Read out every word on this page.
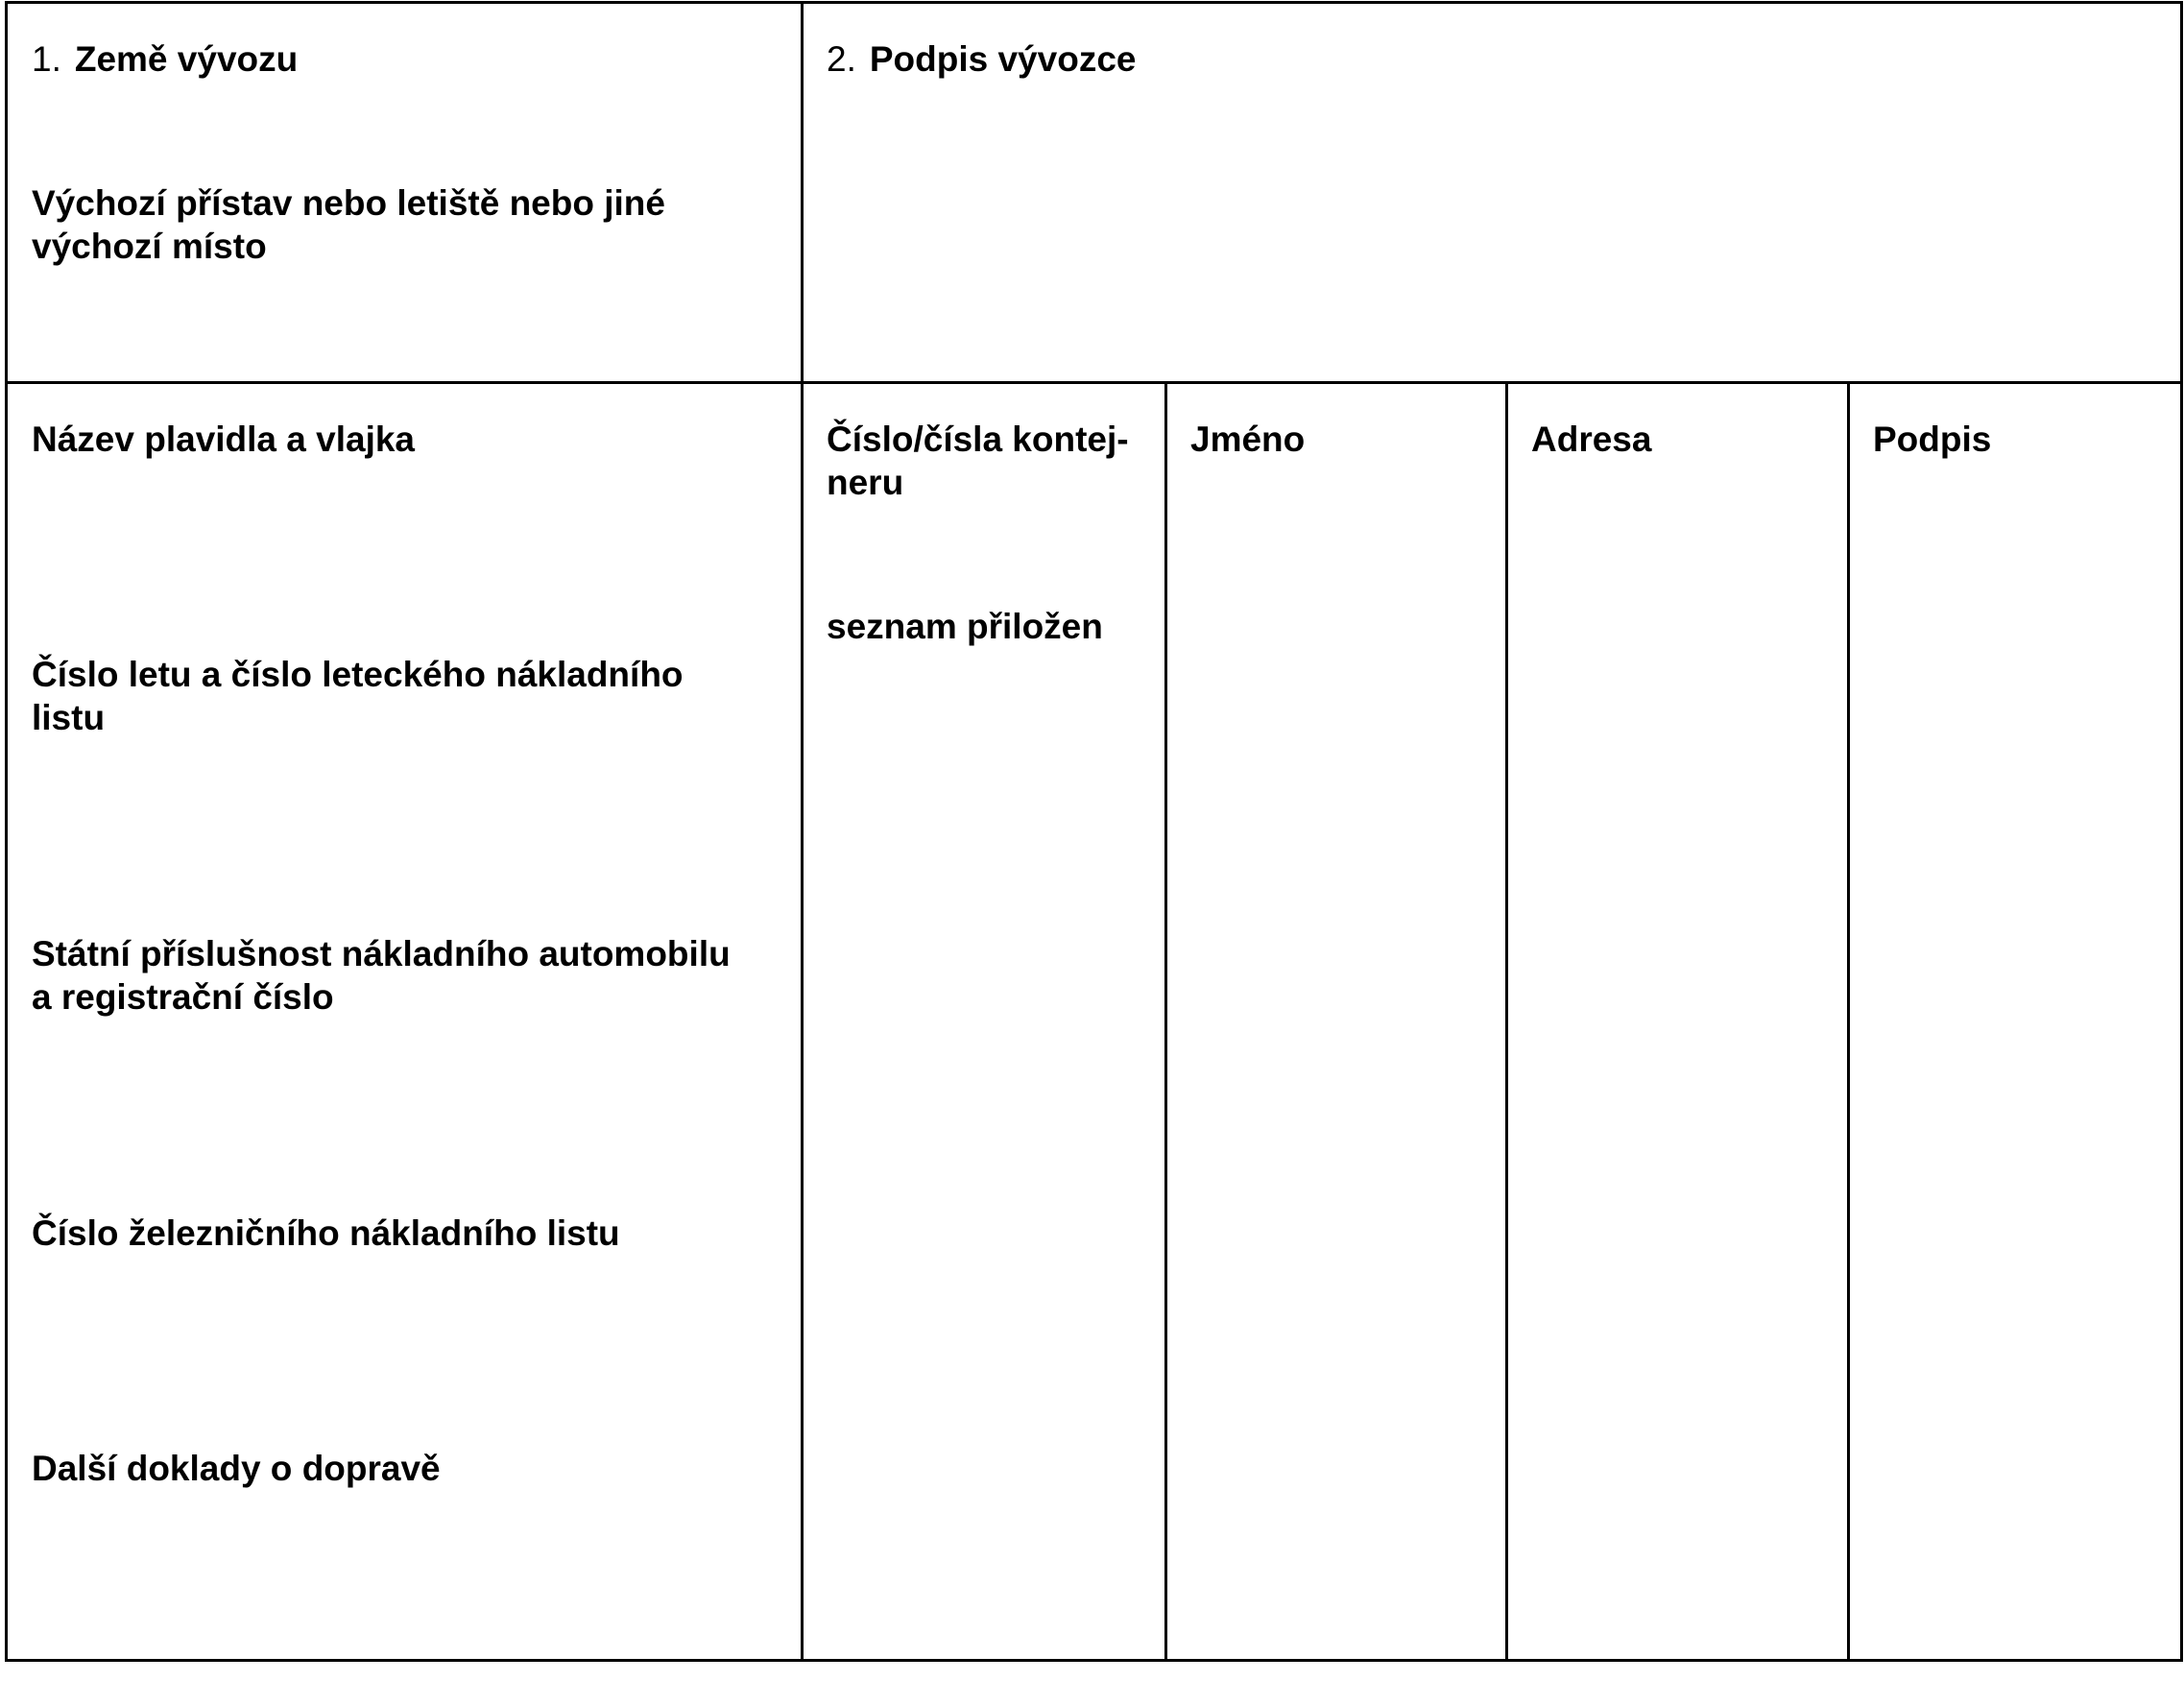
1. Země vývozu
Výchozí přístav nebo letiště nebo jiné
výchozí místo
2. Podpis vývozce
Název plavidla a vlajka
Číslo letu a číslo leteckého nákladního
listu
Státní příslušnost nákladního automobilu
a registrační číslo
Číslo železničního nákladního listu
Další doklady o dopravě
Číslo/čísla kontej-
neru
seznam přiložen
Jméno	Adresa	Podpis
